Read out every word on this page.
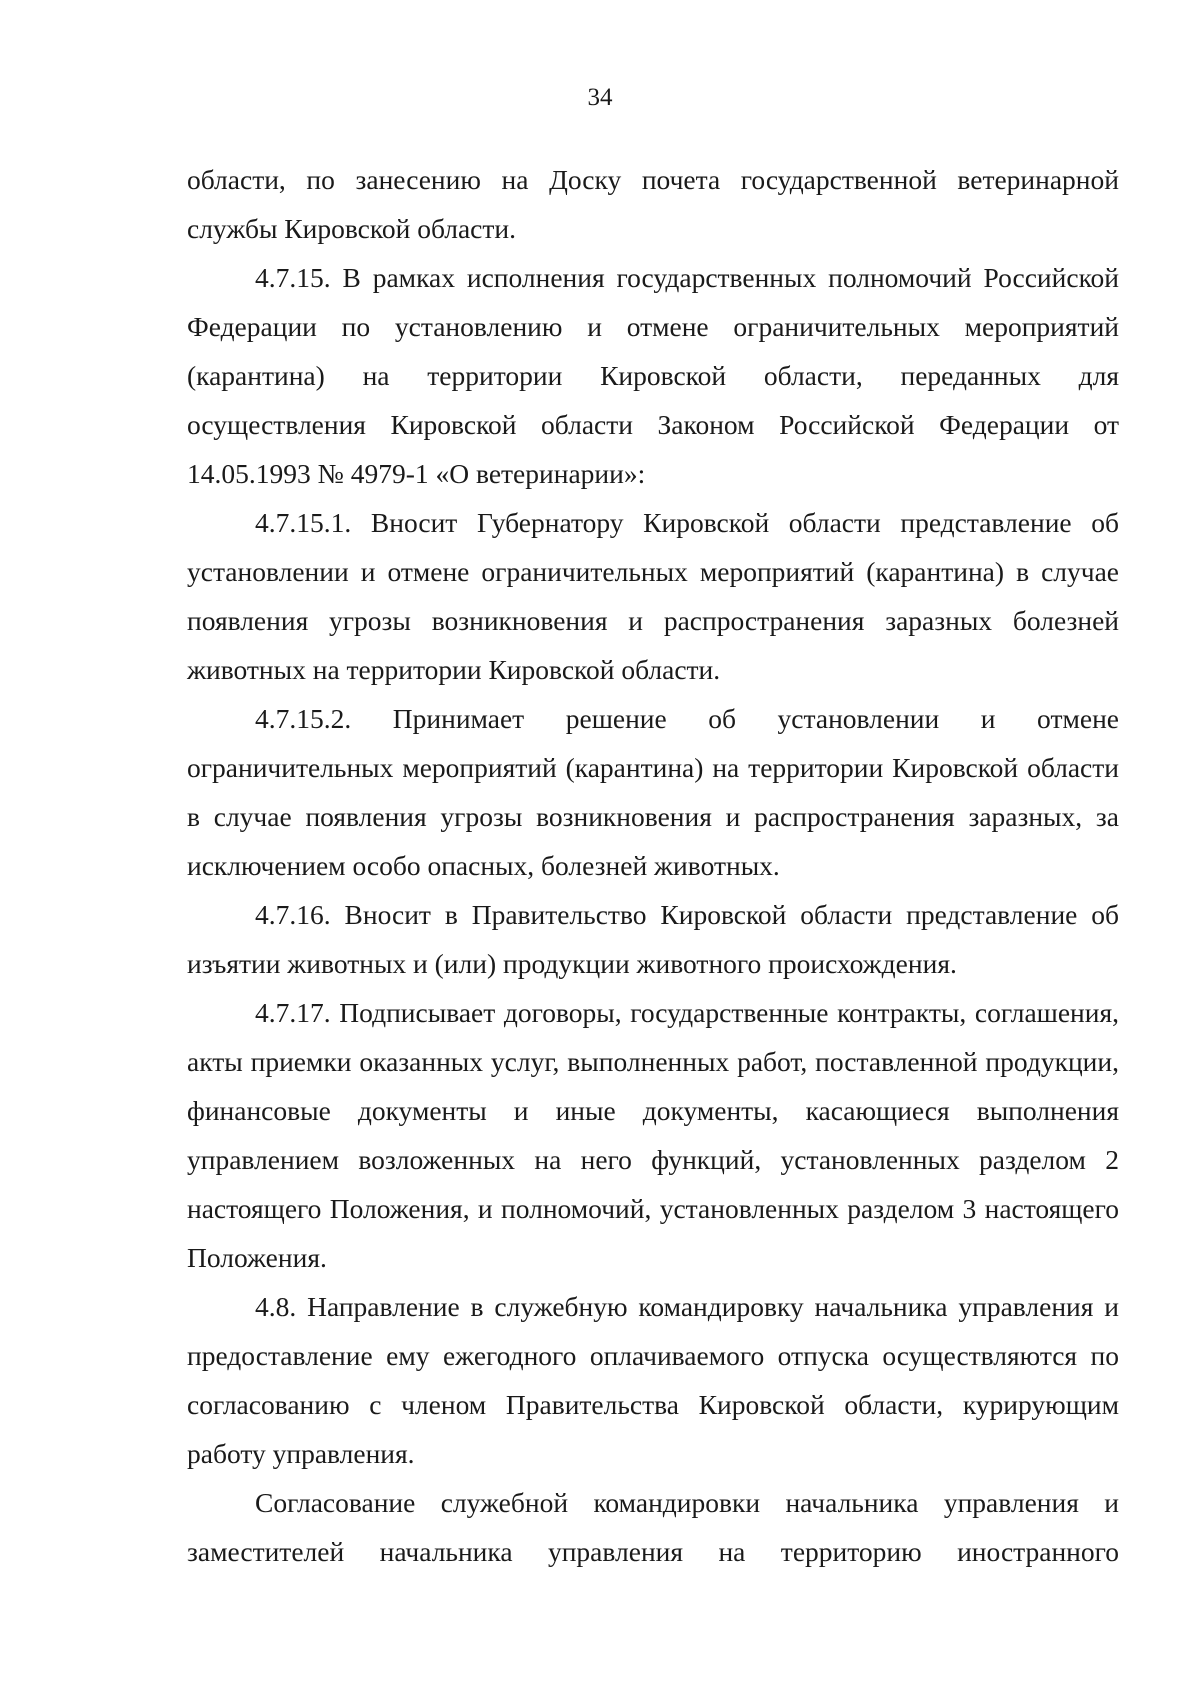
34

области, по занесению на Доску почета государственной ветеринарной службы Кировской области.

4.7.15. В рамках исполнения государственных полномочий Российской Федерации по установлению и отмене ограничительных мероприятий (карантина) на территории Кировской области, переданных для осуществления Кировской области Законом Российской Федерации от 14.05.1993 № 4979-1 «О ветеринарии»:

4.7.15.1. Вносит Губернатору Кировской области представление об установлении и отмене ограничительных мероприятий (карантина) в случае появления угрозы возникновения и распространения заразных болезней животных на территории Кировской области.

4.7.15.2. Принимает решение об установлении и отмене ограничительных мероприятий (карантина) на территории Кировской области в случае появления угрозы возникновения и распространения заразных, за исключением особо опасных, болезней животных.

4.7.16. Вносит в Правительство Кировской области представление об изъятии животных и (или) продукции животного происхождения.

4.7.17. Подписывает договоры, государственные контракты, соглашения, акты приемки оказанных услуг, выполненных работ, поставленной продукции, финансовые документы и иные документы, касающиеся выполнения управлением возложенных на него функций, установленных разделом 2 настоящего Положения, и полномочий, установленных разделом 3 настоящего Положения.

4.8. Направление в служебную командировку начальника управления и предоставление ему ежегодного оплачиваемого отпуска осуществляются по согласованию с членом Правительства Кировской области, курирующим работу управления.

Согласование служебной командировки начальника управления и заместителей начальника управления на территорию иностранного
